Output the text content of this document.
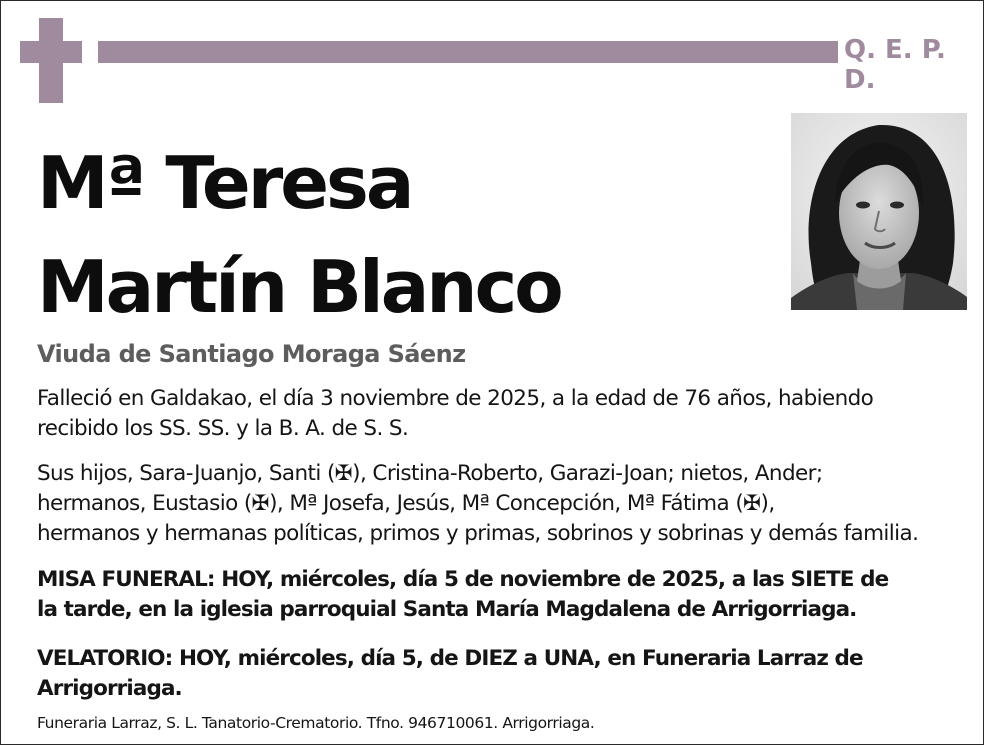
Q. E. P. D.
Mª Teresa
Martín Blanco
Viuda de Santiago Moraga Sáenz
Falleció en Galdakao, el día 3 noviembre de 2025, a la edad de 76 años, habiendo
recibido los SS. SS. y la B. A. de S. S.
Sus hijos, Sara-Juanjo, Santi (✠), Cristina-Roberto, Garazi-Joan; nietos, Ander;
hermanos, Eustasio (✠), Mª Josefa, Jesús, Mª Concepción, Mª Fátima (✠),
hermanos y hermanas políticas, primos y primas, sobrinos y sobrinas y demás familia.
MISA FUNERAL: HOY, miércoles, día 5 de noviembre de 2025, a las SIETE de
la tarde, en la iglesia parroquial Santa María Magdalena de Arrigorriaga.
VELATORIO: HOY, miércoles, día 5, de DIEZ a UNA, en Funeraria Larraz de
Arrigorriaga.
Funeraria Larraz, S. L. Tanatorio-Crematorio. Tfno. 946710061. Arrigorriaga.
